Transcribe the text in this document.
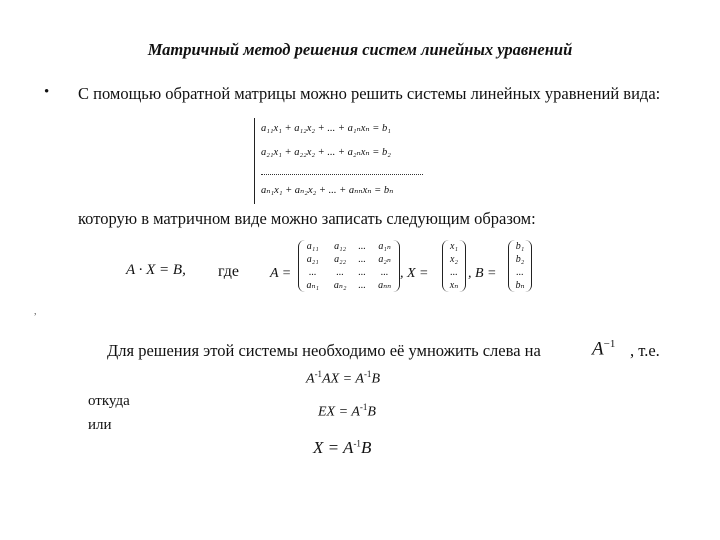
Матричный метод решения систем линейных уравнений
• С помощью обратной матрицы можно решить системы линейных уравнений вида:
a₁₁x₁ + a₁₂x₂ + ... + a₁ₙxₙ = b₁
a₂₁x₁ + a₂₂x₂ + ... + a₂ₙxₙ = b₂
aₙ₁x₁ + aₙ₂x₂ + ... + aₙₙxₙ = bₙ
которую в матричном виде можно записать следующим образом:
A · X = B, где A =
a₁₁	a₁₂	...	a₁ₙ
a₂₁	a₂₂	...	a₂ₙ
...	...	...	...
aₙ₁	aₙ₂	...	aₙₙ
, X =
x₁
x₂
...
xₙ
, B =
b₁
b₂
...
bₙ
,
Для решения этой системы необходимо её умножить слева на	$A^{-1}$ , т.е.
$A^{-1}AX = A^{-1}B$
откуда
EX = $A^{-1}B$
или
$X = A^{-1}B$
